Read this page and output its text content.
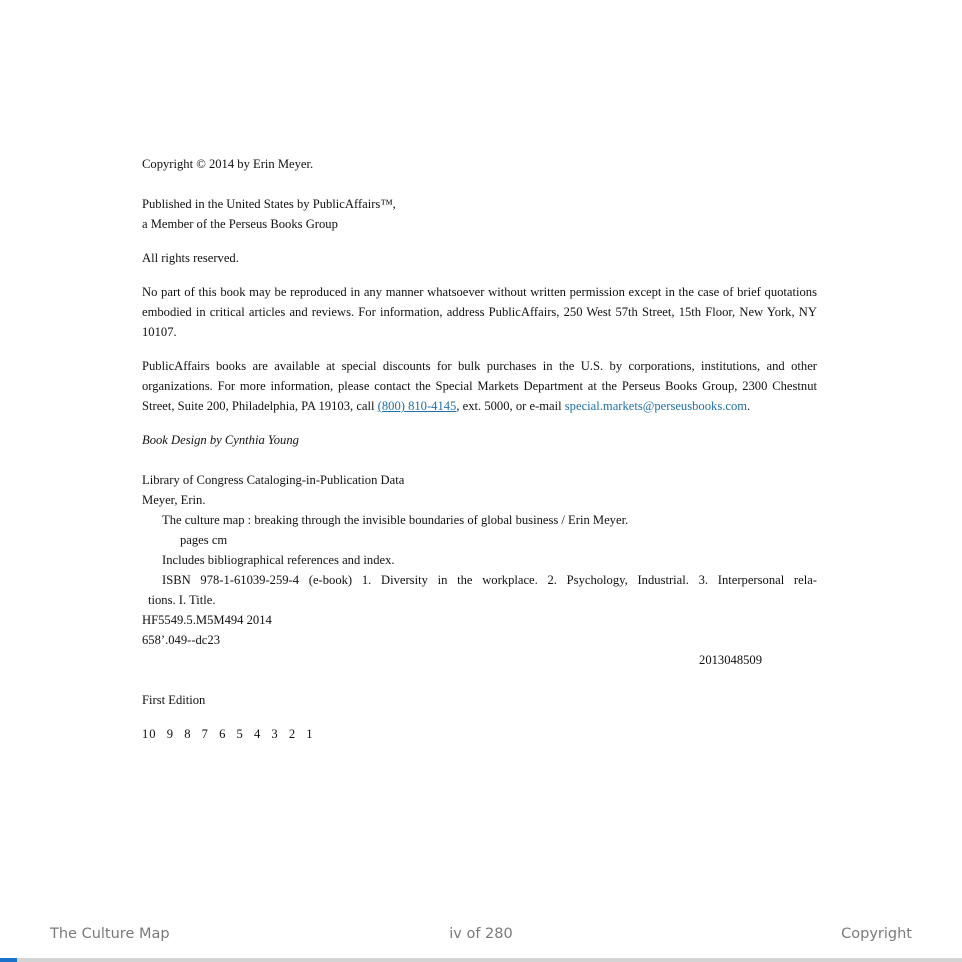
Copyright © 2014 by Erin Meyer.

Published in the United States by PublicAffairs™,

a Member of the Perseus Books Group

All rights reserved.

No part of this book may be reproduced in any manner whatsoever without written permission except in the case of brief quotations embodied in critical articles and reviews. For information, address PublicAffairs, 250 West 57th Street, 15th Floor, New York, NY 10107.

PublicAffairs books are available at special discounts for bulk purchases in the U.S. by corporations, institutions, and other organizations. For more information, please contact the Special Markets Department at the Perseus Books Group, 2300 Chestnut Street, Suite 200, Philadelphia, PA 19103, call (800) 810-4145, ext. 5000, or e-mail special.markets@perseusbooks.com.

Book Design by Cynthia Young

Library of Congress Cataloging-in-Publication Data

Meyer, Erin.

The culture map : breaking through the invisible boundaries of global business / Erin Meyer.

pages cm

Includes bibliographical references and index.

ISBN 978-1-61039-259-4 (e-book) 1. Diversity in the workplace. 2. Psychology, Industrial. 3. Interpersonal rela-

tions. I. Title.

HF5549.5.M5M494 2014

658’.049--dc23

2013048509

First Edition

10 9 8 7 6 5 4 3 2 1

The Culture Map	iv of 280	Copyright
